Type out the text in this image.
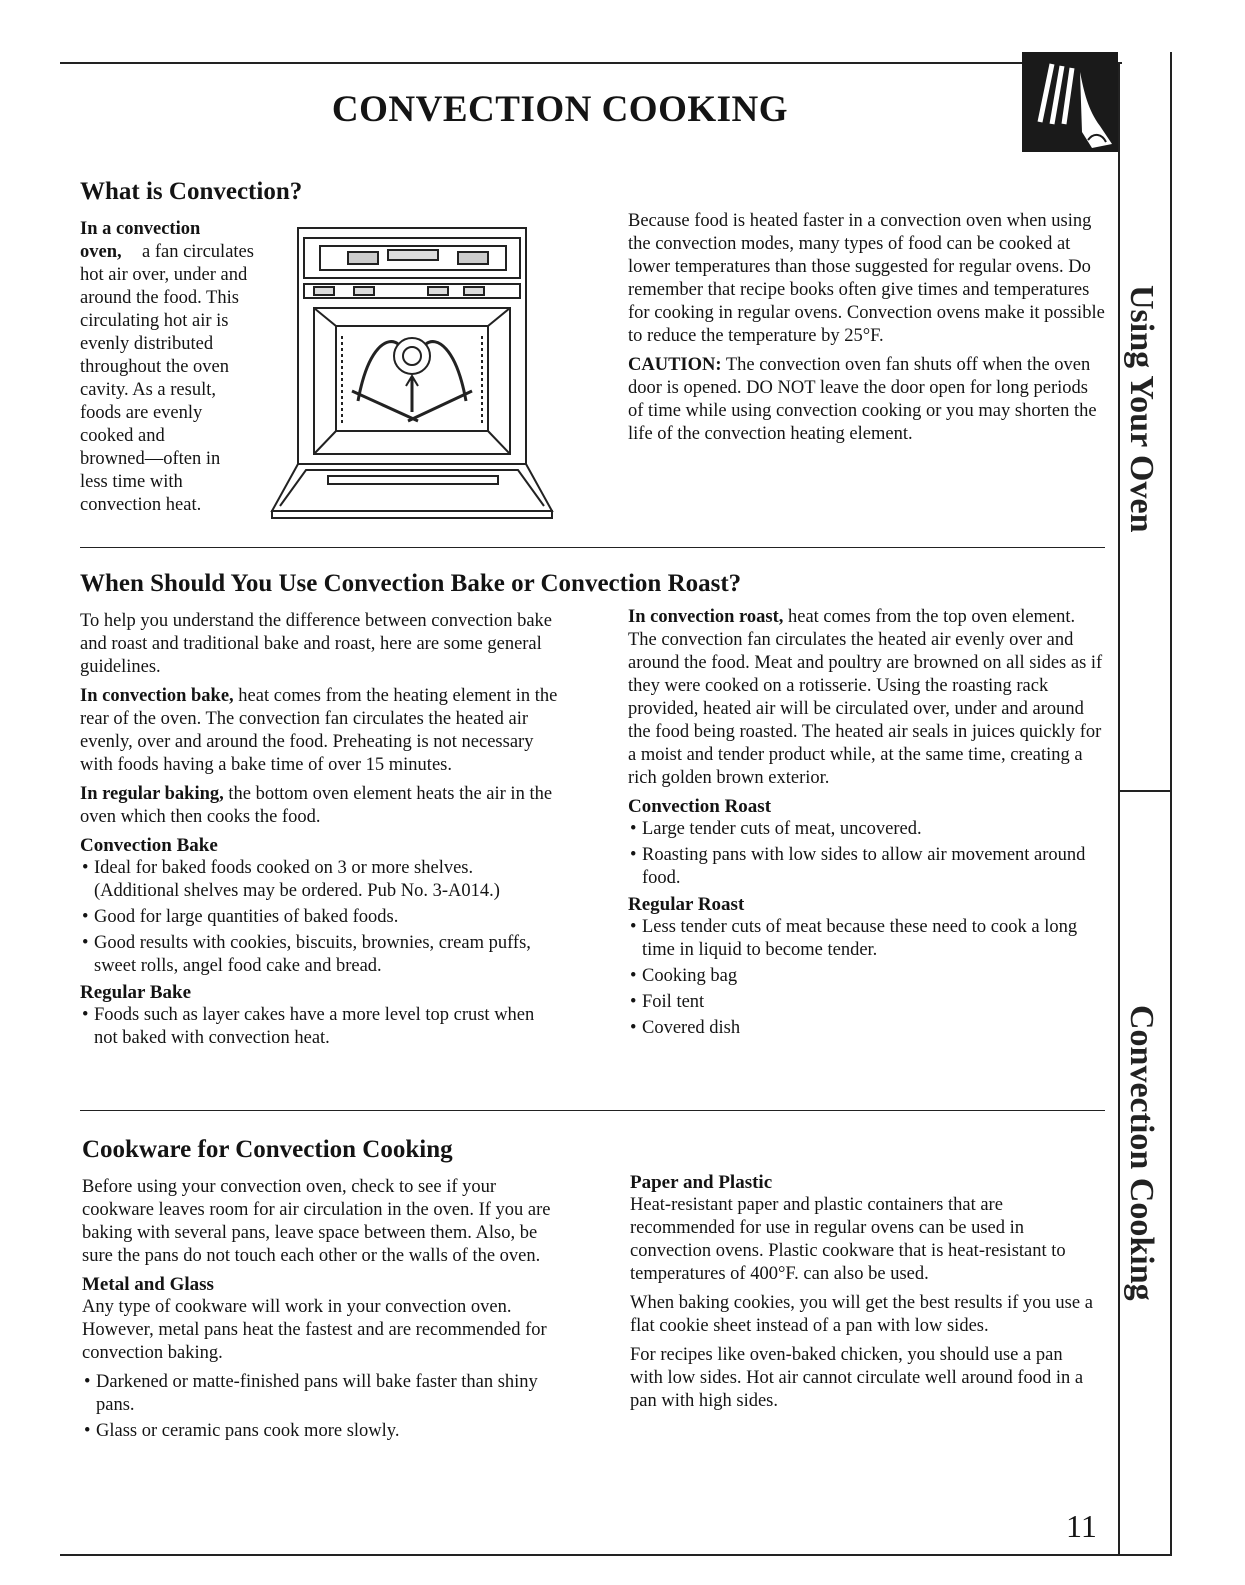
CONVECTION COOKING
Using Your Oven
Convection Cooking
What is Convection?
In a convection oven,	a fan circulates
hot air over, under and
around the food. This
circulating hot air is
evenly distributed
throughout the oven
cavity. As a result,
foods are evenly
cooked and
browned—often in
less time with
convection heat.

Because food is heated faster in a convection oven when using the convection modes, many types of food can be cooked at lower temperatures than those suggested for regular ovens. Do remember that recipe books often give times and temperatures for cooking in regular ovens. Convection ovens make it possible to reduce the temperature by 25°F.

CAUTION: The convection oven fan shuts off when the oven door is opened. DO NOT leave the door open for long periods of time while using convection cooking or you may shorten the life of the convection heating element.

When Should You Use Convection Bake or Convection Roast?

To help you understand the difference between convection bake and roast and traditional bake and roast, here are some general guidelines.

In convection bake, heat comes from the heating element in the rear of the oven. The convection fan circulates the heated air evenly, over and around the food. Preheating is not necessary with foods having a bake time of over 15 minutes.

In regular baking, the bottom oven element heats the air in the oven which then cooks the food.

Convection Bake
• Ideal for baked foods cooked on 3 or more shelves. (Additional shelves may be ordered. Pub No. 3-A014.)
• Good for large quantities of baked foods.
• Good results with cookies, biscuits, brownies, cream puffs, sweet rolls, angel food cake and bread.
Regular Bake
• Foods such as layer cakes have a more level top crust when not baked with convection heat.

In convection roast, heat comes from the top oven element. The convection fan circulates the heated air evenly over and around the food. Meat and poultry are browned on all sides as if they were cooked on a rotisserie. Using the roasting rack provided, heated air will be circulated over, under and around the food being roasted. The heated air seals in juices quickly for a moist and tender product while, at the same time, creating a rich golden brown exterior.

Convection Roast
• Large tender cuts of meat, uncovered.
• Roasting pans with low sides to allow air movement around food.
Regular Roast
• Less tender cuts of meat because these need to cook a long time in liquid to become tender.
• Cooking bag
• Foil tent
• Covered dish
Cookware for Convection Cooking

Before using your convection oven, check to see if your cookware leaves room for air circulation in the oven. If you are baking with several pans, leave space between them. Also, be sure the pans do not touch each other or the walls of the oven.

Metal and Glass

Any type of cookware will work in your convection oven. However, metal pans heat the fastest and are recommended for convection baking.

• Darkened or matte-finished pans will bake faster than shiny pans.
• Glass or ceramic pans cook more slowly.
Paper and Plastic

Heat-resistant paper and plastic containers that are recommended for use in regular ovens can be used in convection ovens. Plastic cookware that is heat-resistant to temperatures of 400°F. can also be used.

When baking cookies, you will get the best results if you use a flat cookie sheet instead of a pan with low sides.

For recipes like oven-baked chicken, you should use a pan with low sides. Hot air cannot circulate well around food in a pan with high sides.

11
